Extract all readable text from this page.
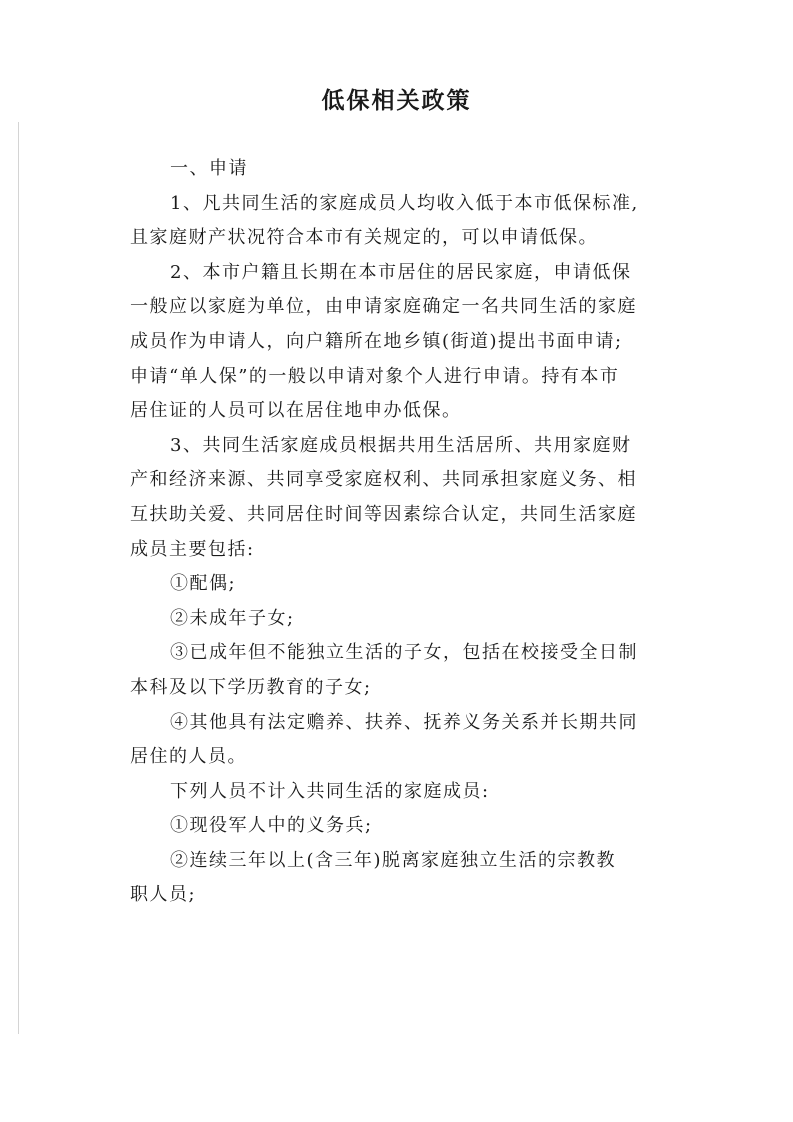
低保相关政策
一、申请
1、凡共同生活的家庭成员人均收入低于本市低保标准,
且家庭财产状况符合本市有关规定的，可以申请低保。
2、本市户籍且长期在本市居住的居民家庭，申请低保
一般应以家庭为单位，由申请家庭确定一名共同生活的家庭
成员作为申请人，向户籍所在地乡镇(街道)提出书面申请;
申请“单人保”的一般以申请对象个人进行申请。持有本市
居住证的人员可以在居住地申办低保。
3、共同生活家庭成员根据共用生活居所、共用家庭财
产和经济来源、共同享受家庭权利、共同承担家庭义务、相
互扶助关爱、共同居住时间等因素综合认定，共同生活家庭
成员主要包括:
①配偶;
②未成年子女;
③已成年但不能独立生活的子女，包括在校接受全日制
本科及以下学历教育的子女;
④其他具有法定赡养、扶养、抚养义务关系并长期共同
居住的人员。
下列人员不计入共同生活的家庭成员:
①现役军人中的义务兵;
②连续三年以上(含三年)脱离家庭独立生活的宗教教
职人员;
